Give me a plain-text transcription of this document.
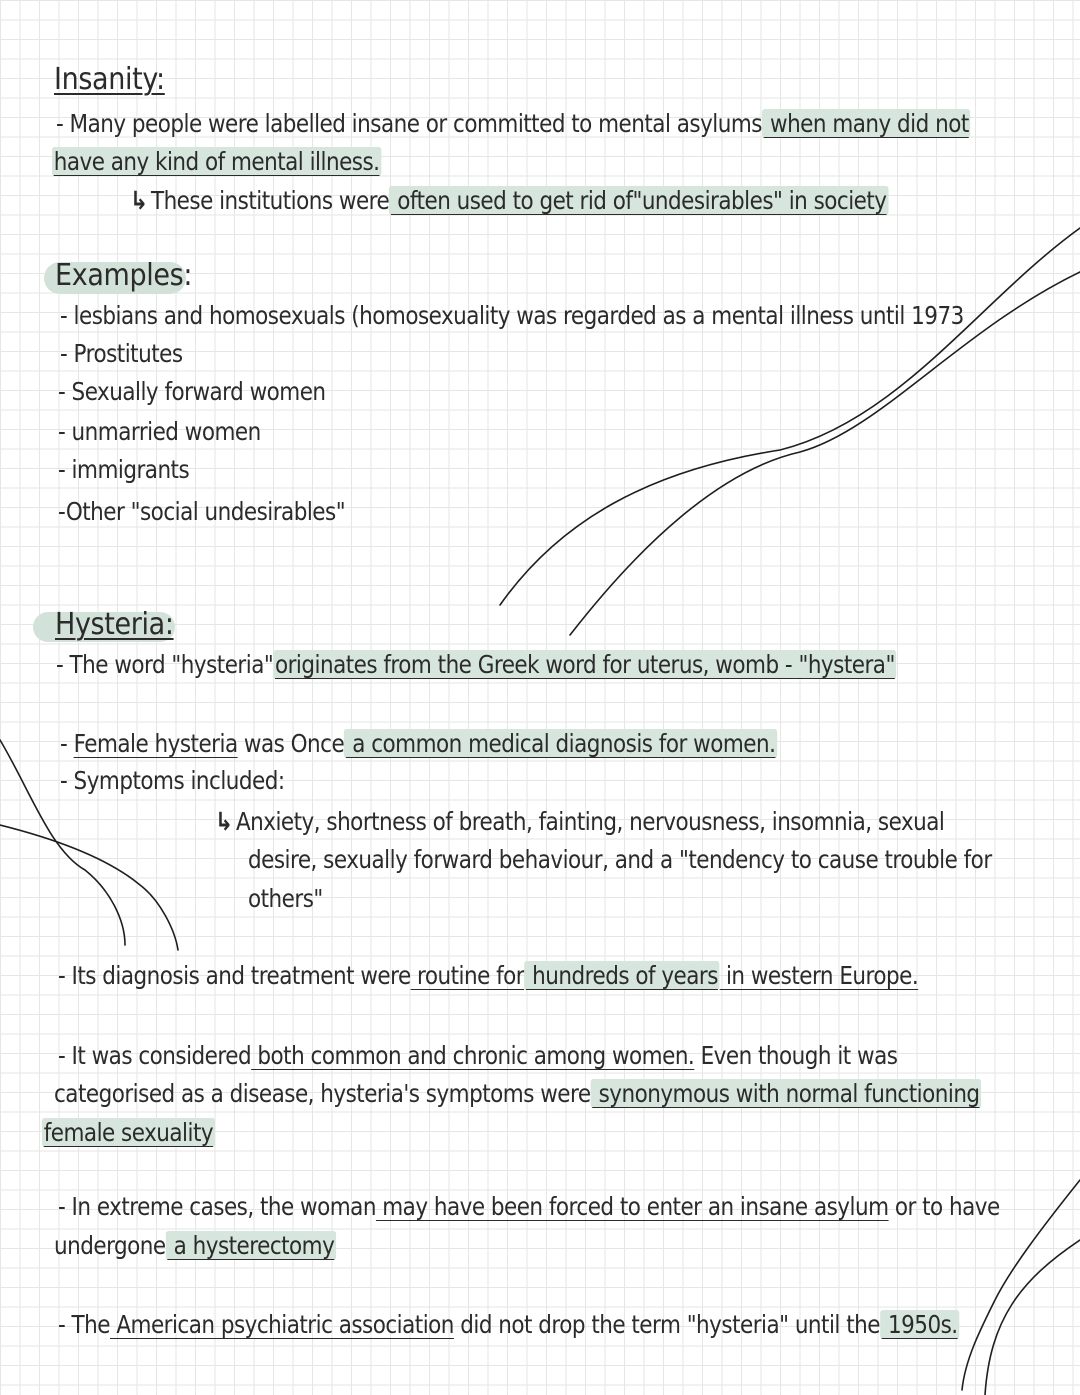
Insanity:
- Many people were labelled insane or committed to mental asylums when many did not
have any kind of mental illness.
↳ These institutions were often used to get rid of"undesirables" in society
Examples:
- lesbians and homosexuals (homosexuality was regarded as a mental illness until 1973
- Prostitutes
- Sexually forward women
- unmarried women
- immigrants
-Other "social undesirables"
Hysteria:
- The word "hysteria"originates from the Greek word for uterus, womb - "hystera"
- Female hysteria was Once a common medical diagnosis for women.
- Symptoms included:
↳ Anxiety, shortness of breath, fainting, nervousness, insomnia, sexual
desire, sexually forward behaviour, and a "tendency to cause trouble for
others"
- Its diagnosis and treatment were routine for hundreds of years in western Europe.
- It was considered both common and chronic among women. Even though it was
categorised as a disease, hysteria's symptoms were synonymous with normal functioning
female sexuality
- In extreme cases, the woman may have been forced to enter an insane asylum or to have
undergone a hysterectomy
- The American psychiatric association did not drop the term "hysteria" until the 1950s.
